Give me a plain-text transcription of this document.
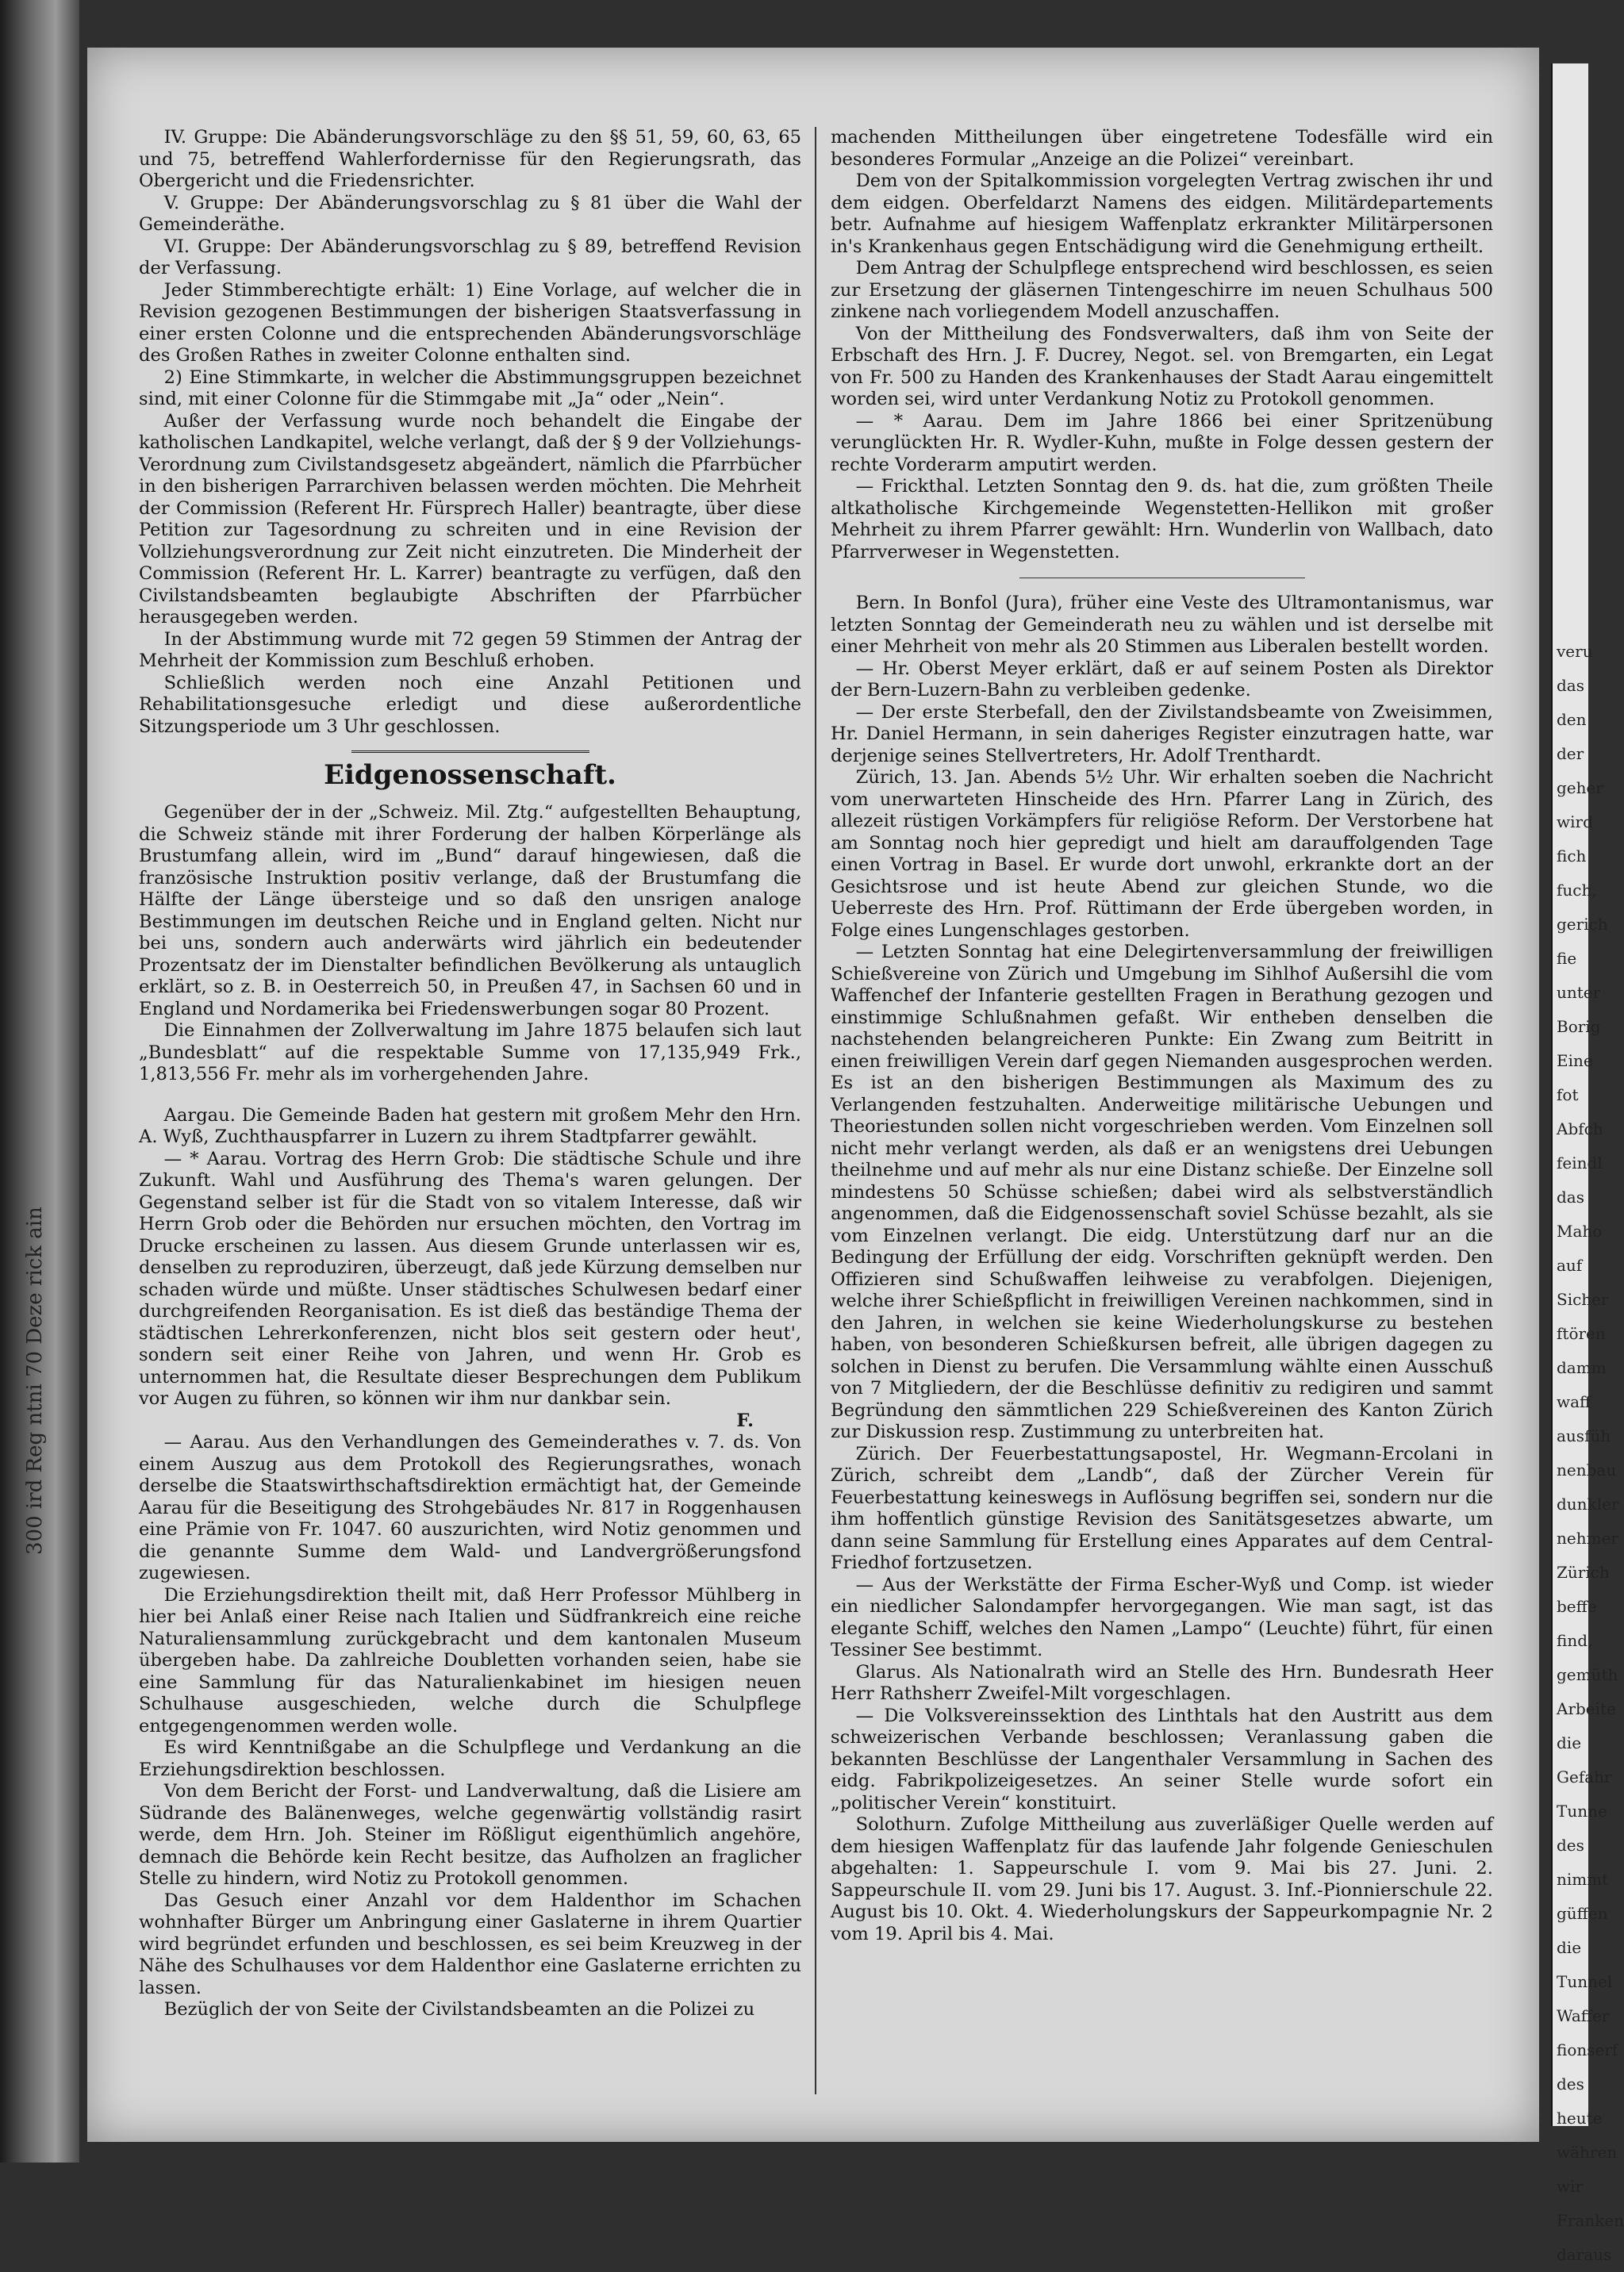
300 ird Reg ntni 70 Deze rick ain
veru
das
den
der
geher
wird
fich
fuch,
gerich
fie
unter
Borig
Eine
fot
Abfch
feindl
das
Maho
auf
Sicher
ftören
damm
waff
ausfüh
nenbau
dunkler
nehmer
Zürich
beffe
find,
gemüth
Arbeite
die
Gefahr
Tunne
des
nimmt
güffen
die
Tunnel
Waffer
fionserf
des
heute
währen
wir
Franken
daraus

IV. Gruppe: Die Abänderungsvorschläge zu den §§ 51, 59, 60, 63, 65 und 75, betreffend Wahlerfordernisse für den Regierungsrath, das Obergericht und die Friedensrichter.

V. Gruppe: Der Abänderungsvorschlag zu § 81 über die Wahl der Gemeinderäthe.

VI. Gruppe: Der Abänderungsvorschlag zu § 89, betreffend Revision der Verfassung.

Jeder Stimmberechtigte erhält: 1) Eine Vorlage, auf welcher die in Revision gezogenen Bestimmungen der bisherigen Staatsverfassung in einer ersten Colonne und die entsprechenden Abänderungsvorschläge des Großen Rathes in zweiter Colonne enthalten sind.

2) Eine Stimmkarte, in welcher die Abstimmungsgruppen bezeichnet sind, mit einer Colonne für die Stimmgabe mit „Ja“ oder „Nein“.

Außer der Verfassung wurde noch behandelt die Eingabe der katholischen Landkapitel, welche verlangt, daß der § 9 der Vollziehungs-Verordnung zum Civilstandsgesetz abgeändert, nämlich die Pfarrbücher in den bisherigen Parrarchiven belassen werden möchten. Die Mehrheit der Commission (Referent Hr. Fürsprech Haller) beantragte, über diese Petition zur Tagesordnung zu schreiten und in eine Revision der Vollziehungsverordnung zur Zeit nicht einzutreten. Die Minderheit der Commission (Referent Hr. L. Karrer) beantragte zu verfügen, daß den Civilstandsbeamten beglaubigte Abschriften der Pfarrbücher herausgegeben werden.

In der Abstimmung wurde mit 72 gegen 59 Stimmen der Antrag der Mehrheit der Kommission zum Beschluß erhoben.

Schließlich werden noch eine Anzahl Petitionen und Rehabilitationsgesuche erledigt und diese außerordentliche Sitzungsperiode um 3 Uhr geschlossen.

Eidgenossenschaft.

Gegenüber der in der „Schweiz. Mil. Ztg.“ aufgestellten Behauptung, die Schweiz stände mit ihrer Forderung der halben Körperlänge als Brustumfang allein, wird im „Bund“ darauf hingewiesen, daß die französische Instruktion positiv verlange, daß der Brustumfang die Hälfte der Länge übersteige und so daß den unsrigen analoge Bestimmungen im deutschen Reiche und in England gelten. Nicht nur bei uns, sondern auch anderwärts wird jährlich ein bedeutender Prozentsatz der im Dienstalter befindlichen Bevölkerung als untauglich erklärt, so z. B. in Oesterreich 50, in Preußen 47, in Sachsen 60 und in England und Nordamerika bei Friedenswerbungen sogar 80 Prozent.

Die Einnahmen der Zollverwaltung im Jahre 1875 belaufen sich laut „Bundesblatt“ auf die respektable Summe von 17,135,949 Frk., 1,813,556 Fr. mehr als im vorhergehenden Jahre.

Aargau. Die Gemeinde Baden hat gestern mit großem Mehr den Hrn. A. Wyß, Zuchthauspfarrer in Luzern zu ihrem Stadtpfarrer gewählt.

— * Aarau. Vortrag des Herrn Grob: Die städtische Schule und ihre Zukunft. Wahl und Ausführung des Thema's waren gelungen. Der Gegenstand selber ist für die Stadt von so vitalem Interesse, daß wir Herrn Grob oder die Behörden nur ersuchen möchten, den Vortrag im Drucke erscheinen zu lassen. Aus diesem Grunde unterlassen wir es, denselben zu reproduziren, überzeugt, daß jede Kürzung demselben nur schaden würde und müßte. Unser städtisches Schulwesen bedarf einer durchgreifenden Reorganisation. Es ist dieß das beständige Thema der städtischen Lehrerkonferenzen, nicht blos seit gestern oder heut', sondern seit einer Reihe von Jahren, und wenn Hr. Grob es unternommen hat, die Resultate dieser Besprechungen dem Publikum vor Augen zu führen, so können wir ihm nur dankbar sein.

F.

— Aarau. Aus den Verhandlungen des Gemeinderathes v. 7. ds. Von einem Auszug aus dem Protokoll des Regierungsrathes, wonach derselbe die Staatswirthschaftsdirektion ermächtigt hat, der Gemeinde Aarau für die Beseitigung des Strohgebäudes Nr. 817 in Roggenhausen eine Prämie von Fr. 1047. 60 auszurichten, wird Notiz genommen und die genannte Summe dem Wald- und Landvergrößerungsfond zugewiesen.

Die Erziehungsdirektion theilt mit, daß Herr Professor Mühlberg in hier bei Anlaß einer Reise nach Italien und Südfrankreich eine reiche Naturaliensammlung zurückgebracht und dem kantonalen Museum übergeben habe. Da zahlreiche Doubletten vorhanden seien, habe sie eine Sammlung für das Naturalienkabinet im hiesigen neuen Schulhause ausgeschieden, welche durch die Schulpflege entgegengenommen werden wolle.

Es wird Kenntnißgabe an die Schulpflege und Verdankung an die Erziehungsdirektion beschlossen.

Von dem Bericht der Forst- und Landverwaltung, daß die Lisiere am Südrande des Balänenweges, welche gegenwärtig vollständig rasirt werde, dem Hrn. Joh. Steiner im Rößligut eigenthümlich angehöre, demnach die Behörde kein Recht besitze, das Aufholzen an fraglicher Stelle zu hindern, wird Notiz zu Protokoll genommen.

Das Gesuch einer Anzahl vor dem Haldenthor im Schachen wohnhafter Bürger um Anbringung einer Gaslaterne in ihrem Quartier wird begründet erfunden und beschlossen, es sei beim Kreuzweg in der Nähe des Schulhauses vor dem Haldenthor eine Gaslaterne errichten zu lassen.

Bezüglich der von Seite der Civilstandsbeamten an die Polizei zu

machenden Mittheilungen über eingetretene Todesfälle wird ein besonderes Formular „Anzeige an die Polizei“ vereinbart.

Dem von der Spitalkommission vorgelegten Vertrag zwischen ihr und dem eidgen. Oberfeldarzt Namens des eidgen. Militärdepartements betr. Aufnahme auf hiesigem Waffenplatz erkrankter Militärpersonen in's Krankenhaus gegen Entschädigung wird die Genehmigung ertheilt.

Dem Antrag der Schulpflege entsprechend wird beschlossen, es seien zur Ersetzung der gläsernen Tintengeschirre im neuen Schulhaus 500 zinkene nach vorliegendem Modell anzuschaffen.

Von der Mittheilung des Fondsverwalters, daß ihm von Seite der Erbschaft des Hrn. J. F. Ducrey, Negot. sel. von Bremgarten, ein Legat von Fr. 500 zu Handen des Krankenhauses der Stadt Aarau eingemittelt worden sei, wird unter Verdankung Notiz zu Protokoll genommen.

— * Aarau. Dem im Jahre 1866 bei einer Spritzenübung verunglückten Hr. R. Wydler-Kuhn, mußte in Folge dessen gestern der rechte Vorderarm amputirt werden.

— Frickthal. Letzten Sonntag den 9. ds. hat die, zum größten Theile altkatholische Kirchgemeinde Wegenstetten-Hellikon mit großer Mehrheit zu ihrem Pfarrer gewählt: Hrn. Wunderlin von Wallbach, dato Pfarrverweser in Wegenstetten.

Bern. In Bonfol (Jura), früher eine Veste des Ultramontanismus, war letzten Sonntag der Gemeinderath neu zu wählen und ist derselbe mit einer Mehrheit von mehr als 20 Stimmen aus Liberalen bestellt worden.

— Hr. Oberst Meyer erklärt, daß er auf seinem Posten als Direktor der Bern-Luzern-Bahn zu verbleiben gedenke.

— Der erste Sterbefall, den der Zivilstandsbeamte von Zweisimmen, Hr. Daniel Hermann, in sein daheriges Register einzutragen hatte, war derjenige seines Stellvertreters, Hr. Adolf Trenthardt.

Zürich, 13. Jan. Abends 5½ Uhr. Wir erhalten soeben die Nachricht vom unerwarteten Hinscheide des Hrn. Pfarrer Lang in Zürich, des allezeit rüstigen Vorkämpfers für religiöse Reform. Der Verstorbene hat am Sonntag noch hier gepredigt und hielt am darauffolgenden Tage einen Vortrag in Basel. Er wurde dort unwohl, erkrankte dort an der Gesichtsrose und ist heute Abend zur gleichen Stunde, wo die Ueberreste des Hrn. Prof. Rüttimann der Erde übergeben worden, in Folge eines Lungenschlages gestorben.

— Letzten Sonntag hat eine Delegirtenversammlung der freiwilligen Schießvereine von Zürich und Umgebung im Sihlhof Außersihl die vom Waffenchef der Infanterie gestellten Fragen in Berathung gezogen und einstimmige Schlußnahmen gefaßt. Wir entheben denselben die nachstehenden belangreicheren Punkte: Ein Zwang zum Beitritt in einen freiwilligen Verein darf gegen Niemanden ausgesprochen werden. Es ist an den bisherigen Bestimmungen als Maximum des zu Verlangenden festzuhalten. Anderweitige militärische Uebungen und Theoriestunden sollen nicht vorgeschrieben werden. Vom Einzelnen soll nicht mehr verlangt werden, als daß er an wenigstens drei Uebungen theilnehme und auf mehr als nur eine Distanz schieße. Der Einzelne soll mindestens 50 Schüsse schießen; dabei wird als selbstverständlich angenommen, daß die Eidgenossenschaft soviel Schüsse bezahlt, als sie vom Einzelnen verlangt. Die eidg. Unterstützung darf nur an die Bedingung der Erfüllung der eidg. Vorschriften geknüpft werden. Den Offizieren sind Schußwaffen leihweise zu verabfolgen. Diejenigen, welche ihrer Schießpflicht in freiwilligen Vereinen nachkommen, sind in den Jahren, in welchen sie keine Wiederholungskurse zu bestehen haben, von besonderen Schießkursen befreit, alle übrigen dagegen zu solchen in Dienst zu berufen. Die Versammlung wählte einen Ausschuß von 7 Mitgliedern, der die Beschlüsse definitiv zu redigiren und sammt Begründung den sämmtlichen 229 Schießvereinen des Kanton Zürich zur Diskussion resp. Zustimmung zu unterbreiten hat.

Zürich. Der Feuerbestattungsapostel, Hr. Wegmann-Ercolani in Zürich, schreibt dem „Landb“, daß der Zürcher Verein für Feuerbestattung keineswegs in Auflösung begriffen sei, sondern nur die ihm hoffentlich günstige Revision des Sanitätsgesetzes abwarte, um dann seine Sammlung für Erstellung eines Apparates auf dem Central-Friedhof fortzusetzen.

— Aus der Werkstätte der Firma Escher-Wyß und Comp. ist wieder ein niedlicher Salondampfer hervorgegangen. Wie man sagt, ist das elegante Schiff, welches den Namen „Lampo“ (Leuchte) führt, für einen Tessiner See bestimmt.

Glarus. Als Nationalrath wird an Stelle des Hrn. Bundesrath Heer Herr Rathsherr Zweifel-Milt vorgeschlagen.

— Die Volksvereinssektion des Linthtals hat den Austritt aus dem schweizerischen Verbande beschlossen; Veranlassung gaben die bekannten Beschlüsse der Langenthaler Versammlung in Sachen des eidg. Fabrikpolizeigesetzes. An seiner Stelle wurde sofort ein „politischer Verein“ konstituirt.

Solothurn. Zufolge Mittheilung aus zuverläßiger Quelle werden auf dem hiesigen Waffenplatz für das laufende Jahr folgende Genieschulen abgehalten: 1. Sappeurschule I. vom 9. Mai bis 27. Juni. 2. Sappeurschule II. vom 29. Juni bis 17. August. 3. Inf.-Pionnierschule 22. August bis 10. Okt. 4. Wiederholungskurs der Sappeurkompagnie Nr. 2 vom 19. April bis 4. Mai.
